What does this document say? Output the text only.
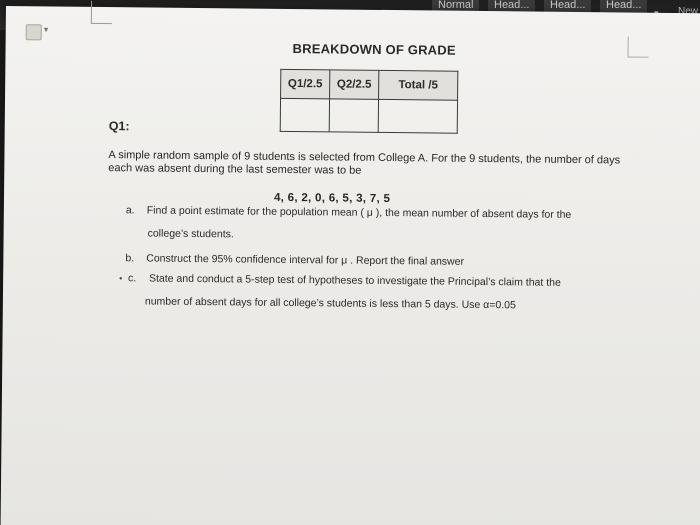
Normal	Head...	Head...	Head...
New
▾
BREAKDOWN OF GRADE
Q1/2.5	Q2/2.5	Total /5

Q1:
A simple random sample of 9 students is selected from College A. For the 9 students, the number of days each was absent during the last semester was to be
4, 6, 2, 0, 6, 5, 3, 7, 5
a. Find a point estimate for the population mean ( μ ), the mean number of absent days for the
college’s students.
b. Construct the 95% confidence interval for μ . Report the final answer
• c. State and conduct a 5-step test of hypotheses to investigate the Principal’s claim that the
number of absent days for all college’s students is less than 5 days. Use α=0.05
